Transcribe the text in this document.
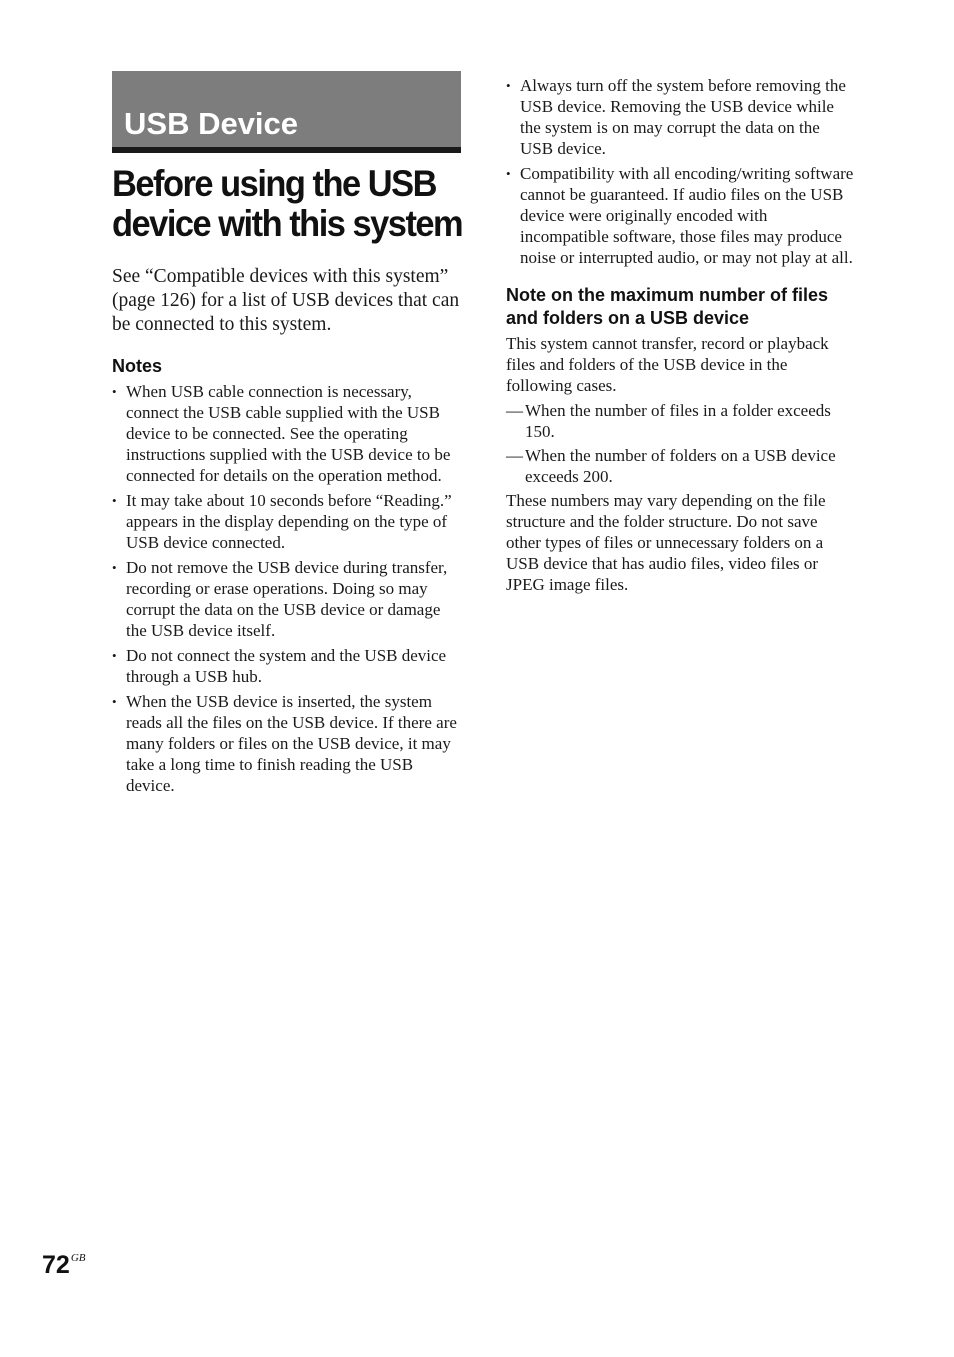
USB Device
Before using the USB device with this system

See “Compatible devices with this system” (page 126) for a list of USB devices that can be connected to this system.

Notes
• When USB cable connection is necessary, connect the USB cable supplied with the USB device to be connected. See the operating instructions supplied with the USB device to be connected for details on the operation method.
• It may take about 10 seconds before “Reading.” appears in the display depending on the type of USB device connected.
• Do not remove the USB device during transfer, recording or erase operations. Doing so may corrupt the data on the USB device or damage the USB device itself.
• Do not connect the system and the USB device through a USB hub.
• When the USB device is inserted, the system reads all the files on the USB device. If there are many folders or files on the USB device, it may take a long time to finish reading the USB device.
• Always turn off the system before removing the USB device. Removing the USB device while the system is on may corrupt the data on the USB device.
• Compatibility with all encoding/writing software cannot be guaranteed. If audio files on the USB device were originally encoded with incompatible software, those files may produce noise or interrupted audio, or may not play at all.
Note on the maximum number of files and folders on a USB device

This system cannot transfer, record or playback files and folders of the USB device in the following cases.

— When the number of files in a folder exceeds 150.
— When the number of folders on a USB device exceeds 200.

These numbers may vary depending on the file structure and the folder structure. Do not save other types of files or unnecessary folders on a USB device that has audio files, video files or JPEG image files.

$72^{GB}$
